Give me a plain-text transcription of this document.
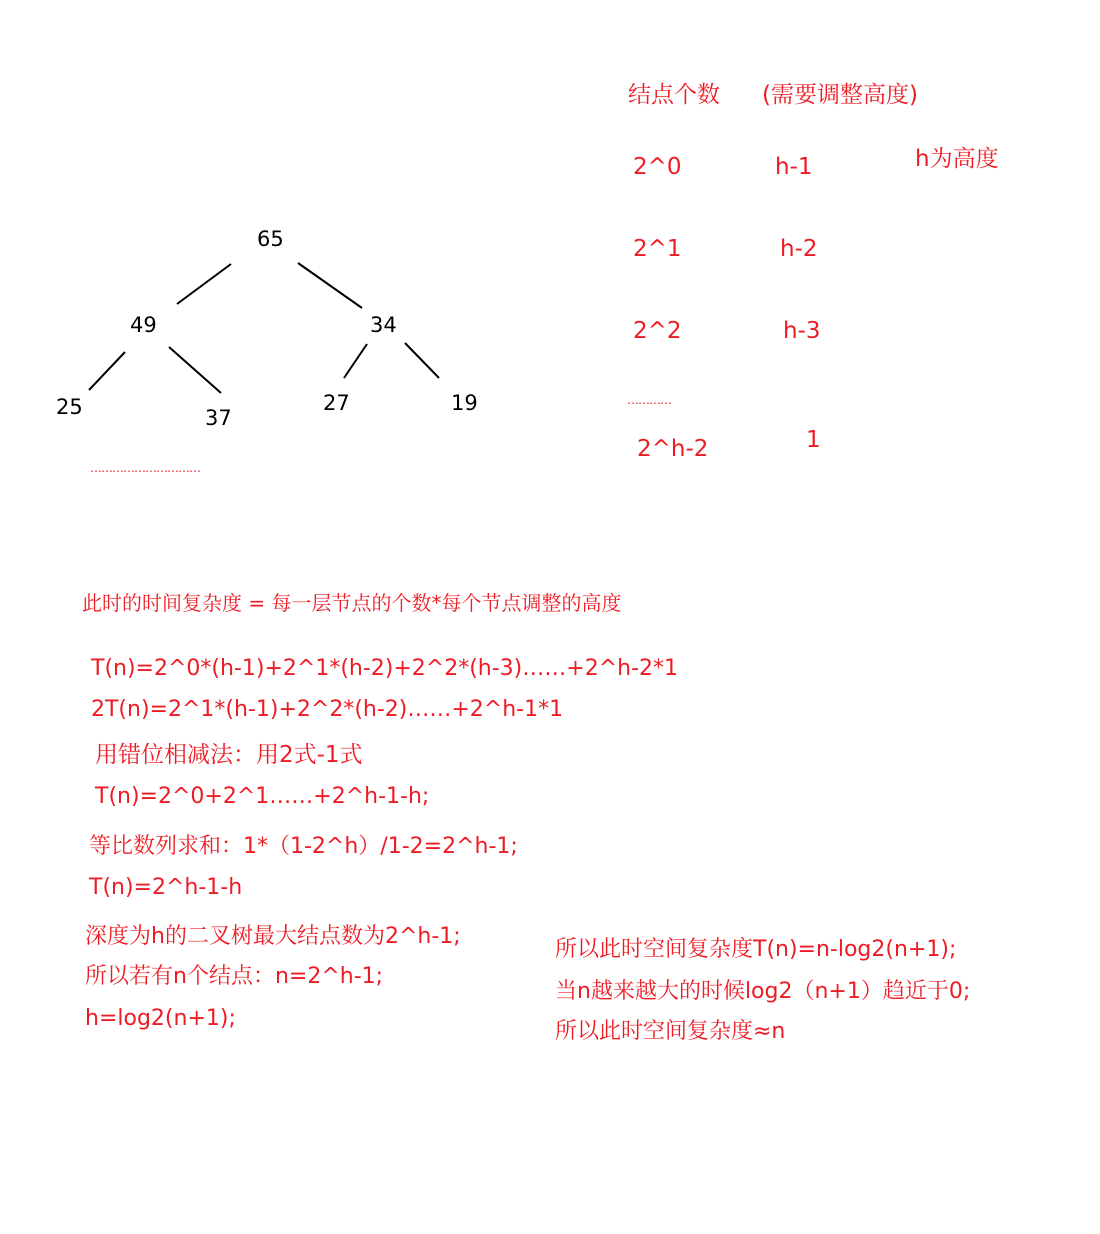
65
49	34
25	37
27	19
…………………………
结点个数 (需要调整高度)
h为高度
2^0	h-1
2^1	h-2
2^2	h-3
…………
2^h-2	1
此时的时间复杂度 = 每一层节点的个数*每个节点调整的高度
T(n)=2^0*(h-1)+2^1*(h-2)+2^2*(h-3)……+2^h-2*1
2T(n)=2^1*(h-1)+2^2*(h-2)……+2^h-1*1
用错位相减法：用2式-1式
T(n)=2^0+2^1……+2^h-1-h;
等比数列求和：1*（1-2^h）/1-2=2^h-1;
T(n)=2^h-1-h
深度为h的二叉树最大结点数为2^h-1;
所以若有n个结点：n=2^h-1;
h=log2(n+1);
所以此时空间复杂度T(n)=n-log2(n+1);
当n越来越大的时候log2（n+1）趋近于0;
所以此时空间复杂度≈n
